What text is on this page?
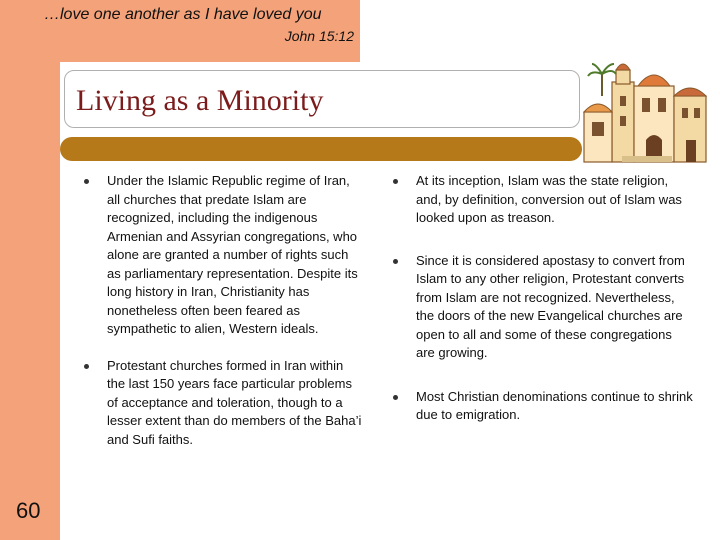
…love one another as I have loved you
John 15:12
Living as a Minority
Under the Islamic Republic regime of Iran, all churches that predate Islam are recognized, including the indigenous Armenian and Assyrian congregations, who alone are granted a number of rights such as parliamentary representation. Despite its long history in Iran, Christianity has nonetheless often been feared as sympathetic to alien, Western ideals.
Protestant churches formed in Iran within the last 150 years face particular problems of acceptance and toleration, though to a lesser extent than do members of the Baha’i and Sufi faiths.
At its inception, Islam was the state religion, and, by definition, conversion out of Islam was looked upon as treason.
Since it is considered apostasy to convert from Islam to any other religion, Protestant converts from Islam are not recognized. Nevertheless, the doors of the new Evangelical churches are open to all and some of these congregations are growing.
Most Christian denominations continue to shrink due to emigration.
60
